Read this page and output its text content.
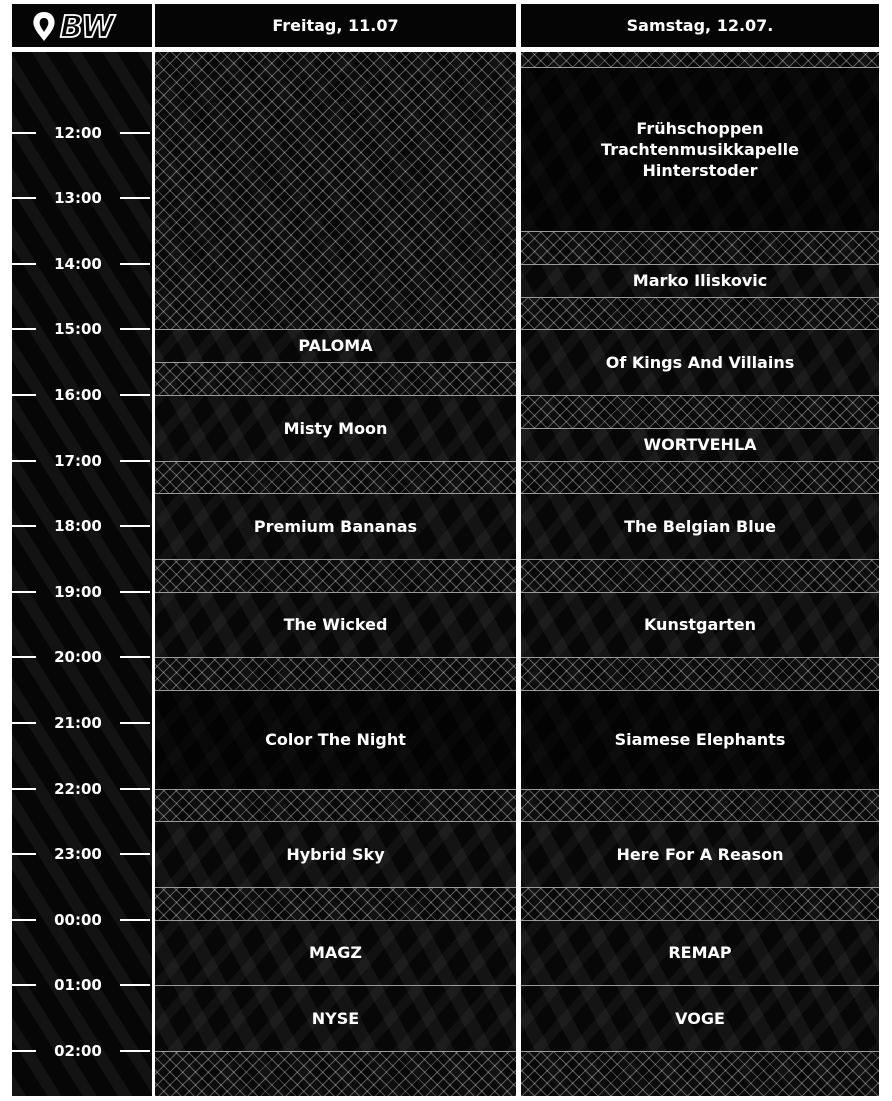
BW	Freitag, 11.07	Samstag, 12.07.
PALOMA
Misty Moon
Premium Bananas
The Wicked
Color The Night
Hybrid Sky
MAGZ
NYSE
Frühschoppen
Trachtenmusikkapelle
Hinterstoder
Marko Iliskovic
Of Kings And Villains
WORTVEHLA
The Belgian Blue
Kunstgarten
Siamese Elephants
Here For A Reason
REMAP
VOGE
12:00
13:00
14:00
15:00
16:00
17:00
18:00
19:00
20:00
21:00
22:00
23:00
00:00
01:00
02:00
